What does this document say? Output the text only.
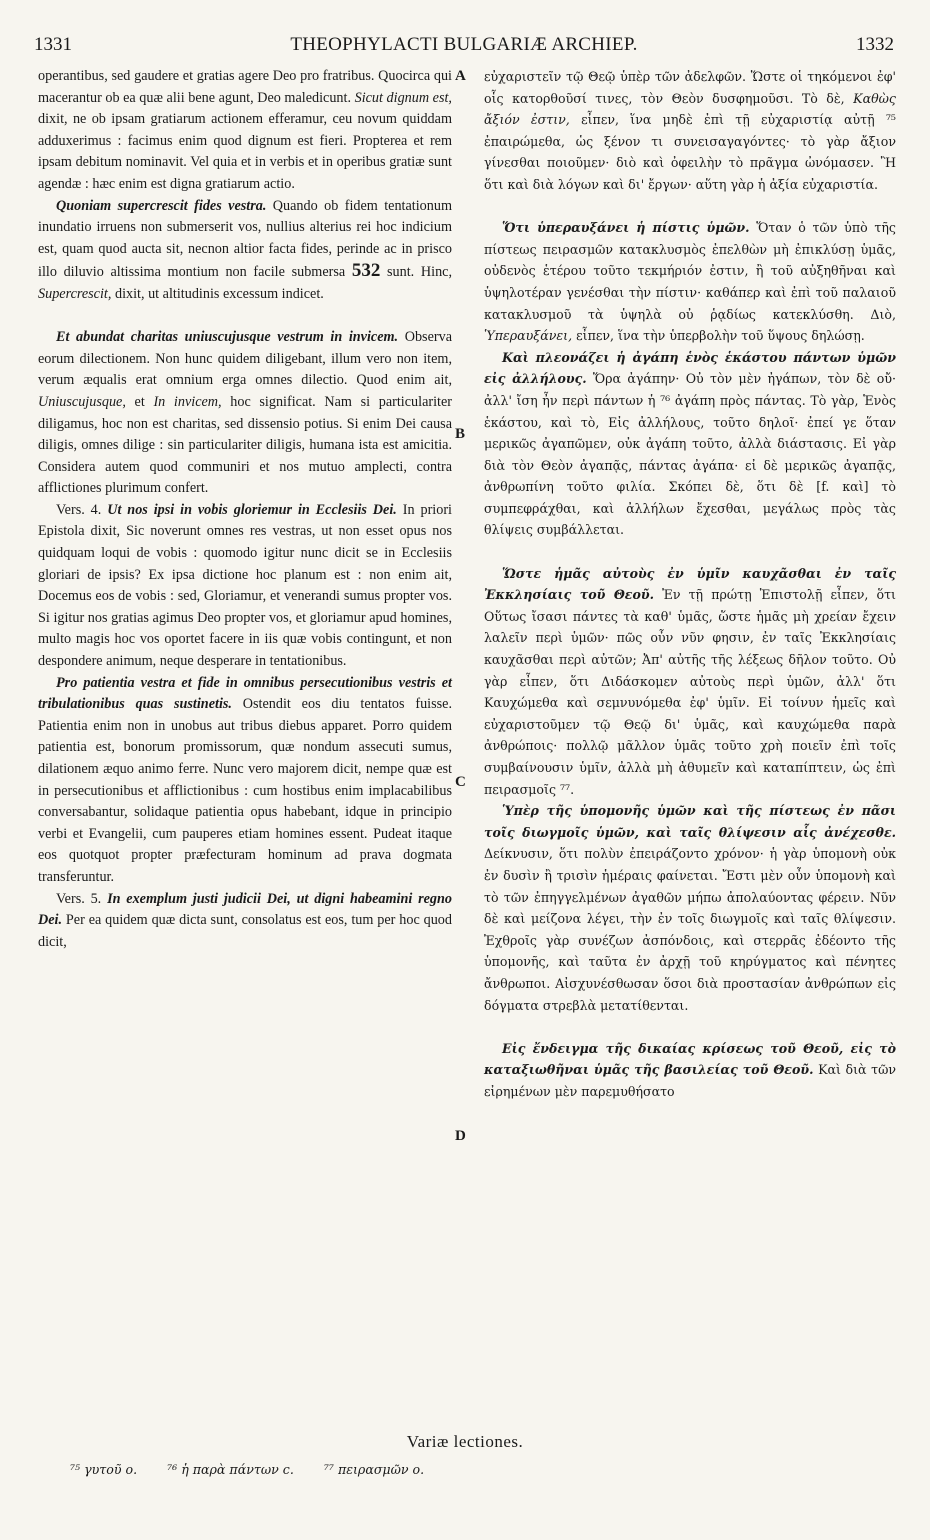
1331	THEOPHYLACTI BULGARIÆ ARCHIEP.	1332
A
B
C
D

operantibus, sed gaudere et gratias agere Deo pro fratribus. Quocirca qui macerantur ob ea quæ alii bene agunt, Deo maledicunt. Sicut dignum est, dixit, ne ob ipsam gratiarum actionem efferamur, ceu novum quiddam adduxerimus : facimus enim quod dignum est fieri. Propterea et rem ipsam debitum nominavit. Vel quia et in verbis et in operibus gratiæ sunt agendæ : hæc enim est digna gratiarum actio.

Quoniam supercrescit fides vestra. Quando ob fidem tentationum inundatio irruens non submerserit vos, nullius alterius rei hoc indicium est, quam quod aucta sit, necnon altior facta fides, perinde ac in prisco illo diluvio altissima montium non facile submersa 532 sunt. Hinc, Supercrescit, dixit, ut altitudinis excessum indicet.

Et abundat charitas uniuscujusque vestrum in invicem. Observa eorum dilectionem. Non hunc quidem diligebant, illum vero non item, verum æqualis erat omnium erga omnes dilectio. Quod enim ait, Uniuscujusque, et In invicem, hoc significat. Nam si particulariter diligamus, hoc non est charitas, sed dissensio potius. Si enim Dei causa diligis, omnes dilige : sin particulariter diligis, humana ista est amicitia. Considera autem quod communiri et nos mutuo amplecti, contra afflictiones plurimum confert.

Vers. 4. Ut nos ipsi in vobis gloriemur in Ecclesiis Dei. In priori Epistola dixit, Sic noverunt omnes res vestras, ut non esset opus nos quidquam loqui de vobis : quomodo igitur nunc dicit se in Ecclesiis gloriari de ipsis? Ex ipsa dictione hoc planum est : non enim ait, Docemus eos de vobis : sed, Gloriamur, et venerandi sumus propter vos. Si igitur nos gratias agimus Deo propter vos, et gloriamur apud homines, multo magis hoc vos oportet facere in iis quæ vobis contingunt, et non despondere animum, neque desperare in tentationibus.

Pro patientia vestra et fide in omnibus persecutionibus vestris et tribulationibus quas sustinetis. Ostendit eos diu tentatos fuisse. Patientia enim non in unobus aut tribus diebus apparet. Porro quidem patientia est, bonorum promissorum, quæ nondum assecuti sumus, dilationem æquo animo ferre. Nunc vero majorem dicit, nempe quæ est in persecutionibus et afflictionibus : cum hostibus enim implacabilibus conversabantur, solidaque patientia opus habebant, idque in principio verbi et Evangelii, cum pauperes etiam homines essent. Pudeat itaque eos quotquot propter præfecturam hominum ad prava dogmata transferuntur.

Vers. 5. In exemplum justi judicii Dei, ut digni habeamini regno Dei. Per ea quidem quæ dicta sunt, consolatus est eos, tum per hoc quod dicit,

εὐχαριστεῖν τῷ Θεῷ ὑπὲρ τῶν ἀδελφῶν. Ὥστε οἱ τηκόμενοι ἐφ' οἷς κατορθοῦσί τινες, τὸν Θεὸν δυσφημοῦσι. Τὸ δὲ, Καθὼς ἄξιόν ἐστιν, εἶπεν, ἵνα μηδὲ ἐπὶ τῇ εὐχαριστίᾳ αὐτῇ ⁷⁵ ἐπαιρώμεθα, ὡς ξένον τι συνεισαγαγόντες· τὸ γὰρ ἄξιον γίνεσθαι ποιοῦμεν· διὸ καὶ ὀφειλὴν τὸ πρᾶγμα ὠνόμασεν. Ἢ ὅτι καὶ διὰ λόγων καὶ δι' ἔργων· αὕτη γὰρ ἡ ἀξία εὐχαριστία.

Ὅτι ὑπεραυξάνει ἡ πίστις ὑμῶν. Ὅταν ὁ τῶν ὑπὸ τῆς πίστεως πειρασμῶν κατακλυσμὸς ἐπελθὼν μὴ ἐπικλύσῃ ὑμᾶς, οὐδενὸς ἑτέρου τοῦτο τεκμήριόν ἐστιν, ἢ τοῦ αὐξηθῆναι καὶ ὑψηλοτέραν γενέσθαι τὴν πίστιν· καθάπερ καὶ ἐπὶ τοῦ παλαιοῦ κατακλυσμοῦ τὰ ὑψηλὰ οὐ ῥᾳδίως κατεκλύσθη. Διὸ, Ὑπεραυξάνει, εἶπεν, ἵνα τὴν ὑπερβολὴν τοῦ ὕψους δηλώσῃ.

Καὶ πλεονάζει ἡ ἀγάπη ἑνὸς ἑκάστου πάντων ὑμῶν εἰς ἀλλήλους. Ὅρα ἀγάπην· Οὐ τὸν μὲν ἠγάπων, τὸν δὲ οὔ· ἀλλ' ἴση ἦν περὶ πάντων ἡ ⁷⁶ ἀγάπη πρὸς πάντας. Τὸ γὰρ, Ἑνὸς ἑκάστου, καὶ τὸ, Εἰς ἀλλήλους, τοῦτο δηλοῖ· ἐπεί γε ὅταν μερικῶς ἀγαπῶμεν, οὐκ ἀγάπη τοῦτο, ἀλλὰ διάστασις. Εἰ γὰρ διὰ τὸν Θεὸν ἀγαπᾷς, πάντας ἀγάπα· εἰ δὲ μερικῶς ἀγαπᾷς, ἀνθρωπίνη τοῦτο φιλία. Σκόπει δὲ, ὅτι δὲ [f. καὶ] τὸ συμπεφράχθαι, καὶ ἀλλήλων ἔχεσθαι, μεγάλως πρὸς τὰς θλίψεις συμβάλλεται.

Ὥστε ἡμᾶς αὐτοὺς ἐν ὑμῖν καυχᾶσθαι ἐν ταῖς Ἐκκλησίαις τοῦ Θεοῦ. Ἐν τῇ πρώτῃ Ἐπιστολῇ εἶπεν, ὅτι Οὕτως ἴσασι πάντες τὰ καθ' ὑμᾶς, ὥστε ἡμᾶς μὴ χρείαν ἔχειν λαλεῖν περὶ ὑμῶν· πῶς οὖν νῦν φησιν, ἐν ταῖς Ἐκκλησίαις καυχᾶσθαι περὶ αὐτῶν; Ἀπ' αὐτῆς τῆς λέξεως δῆλον τοῦτο. Οὐ γὰρ εἶπεν, ὅτι Διδάσκομεν αὐτοὺς περὶ ὑμῶν, ἀλλ' ὅτι Καυχώμεθα καὶ σεμνυνόμεθα ἐφ' ὑμῖν. Εἰ τοίνυν ἡμεῖς καὶ εὐχαριστοῦμεν τῷ Θεῷ δι' ὑμᾶς, καὶ καυχώμεθα παρὰ ἀνθρώποις· πολλῷ μᾶλλον ὑμᾶς τοῦτο χρὴ ποιεῖν ἐπὶ τοῖς συμβαίνουσιν ὑμῖν, ἀλλὰ μὴ ἀθυμεῖν καὶ καταπίπτειν, ὡς ἐπὶ πειρασμοῖς ⁷⁷.

Ὑπὲρ τῆς ὑπομονῆς ὑμῶν καὶ τῆς πίστεως ἐν πᾶσι τοῖς διωγμοῖς ὑμῶν, καὶ ταῖς θλίψεσιν αἷς ἀνέχεσθε. Δείκνυσιν, ὅτι πολὺν ἐπειράζοντο χρόνον· ἡ γὰρ ὑπομονὴ οὐκ ἐν δυσὶν ἢ τρισὶν ἡμέραις φαίνεται. Ἔστι μὲν οὖν ὑπομονὴ καὶ τὸ τῶν ἐπηγγελμένων ἀγαθῶν μήπω ἀπολαύοντας φέρειν. Νῦν δὲ καὶ μείζονα λέγει, τὴν ἐν τοῖς διωγμοῖς καὶ ταῖς θλίψεσιν. Ἐχθροῖς γὰρ συνέζων ἀσπόνδοις, καὶ στερρᾶς ἐδέοντο τῆς ὑπομονῆς, καὶ ταῦτα ἐν ἀρχῇ τοῦ κηρύγματος καὶ πένητες ἄνθρωποι. Αἰσχυνέσθωσαν ὅσοι διὰ προστασίαν ἀνθρώπων εἰς δόγματα στρεβλὰ μετατίθενται.

Εἰς ἔνδειγμα τῆς δικαίας κρίσεως τοῦ Θεοῦ, εἰς τὸ καταξιωθῆναι ὑμᾶς τῆς βασιλείας τοῦ Θεοῦ. Καὶ διὰ τῶν εἰρημένων μὲν παρεμυθήσατο

Variæ lectiones.
⁷⁵ γυτοῦ ο. ⁷⁶ ἡ παρὰ πάντων c. ⁷⁷ πειρασμῶν ο.
